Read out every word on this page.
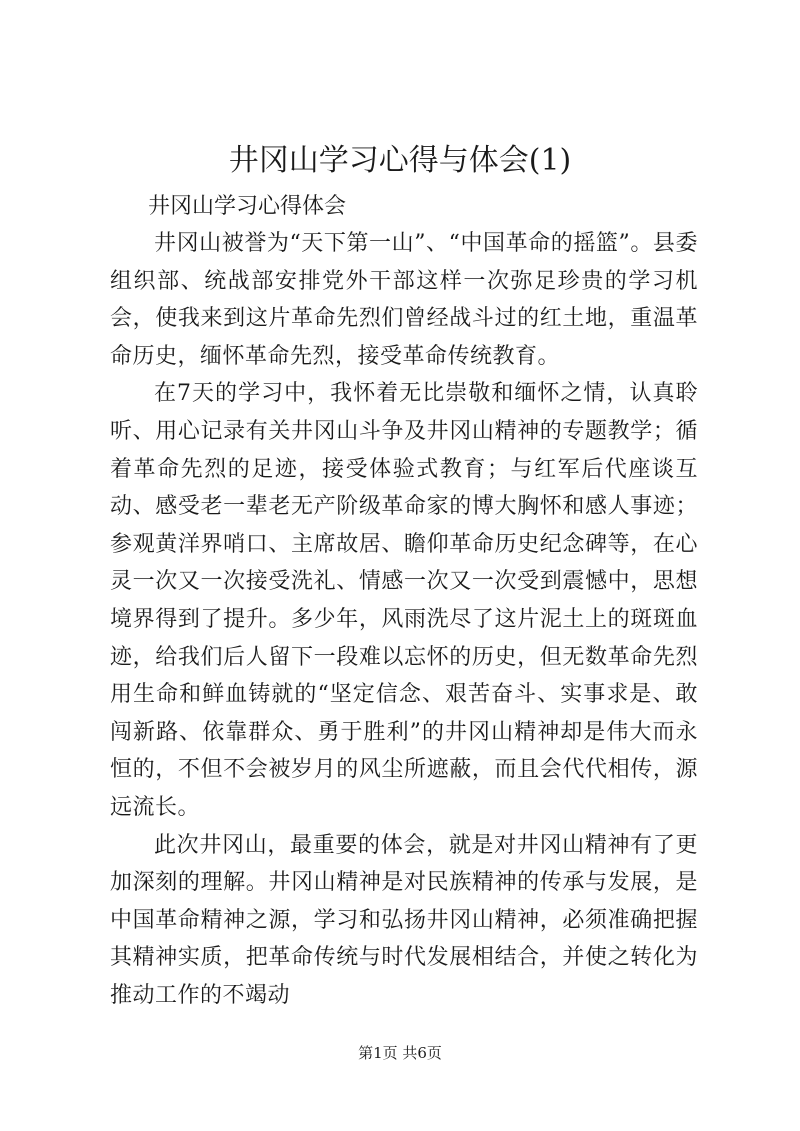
井冈山学习心得与体会(1)

井冈山学习心得体会

井冈山被誉为“天下第一山”、“中国革命的摇篮”。县委组织部、统战部安排党外干部这样一次弥足珍贵的学习机会，使我来到这片革命先烈们曾经战斗过的红土地，重温革命历史，缅怀革命先烈，接受革命传统教育。

在7天的学习中，我怀着无比崇敬和缅怀之情，认真聆听、用心记录有关井冈山斗争及井冈山精神的专题教学；循着革命先烈的足迹，接受体验式教育；与红军后代座谈互动、感受老一辈老无产阶级革命家的博大胸怀和感人事迹；参观黄洋界哨口、主席故居、瞻仰革命历史纪念碑等，在心灵一次又一次接受洗礼、情感一次又一次受到震憾中，思想境界得到了提升。多少年，风雨洗尽了这片泥土上的斑斑血迹，给我们后人留下一段难以忘怀的历史，但无数革命先烈用生命和鲜血铸就的“坚定信念、艰苦奋斗、实事求是、敢闯新路、依靠群众、勇于胜利”的井冈山精神却是伟大而永恒的，不但不会被岁月的风尘所遮蔽，而且会代代相传，源远流长。

此次井冈山，最重要的体会，就是对井冈山精神有了更加深刻的理解。井冈山精神是对民族精神的传承与发展，是中国革命精神之源，学习和弘扬井冈山精神，必须准确把握其精神实质，把革命传统与时代发展相结合，并使之转化为推动工作的不竭动

第1页 共6页
